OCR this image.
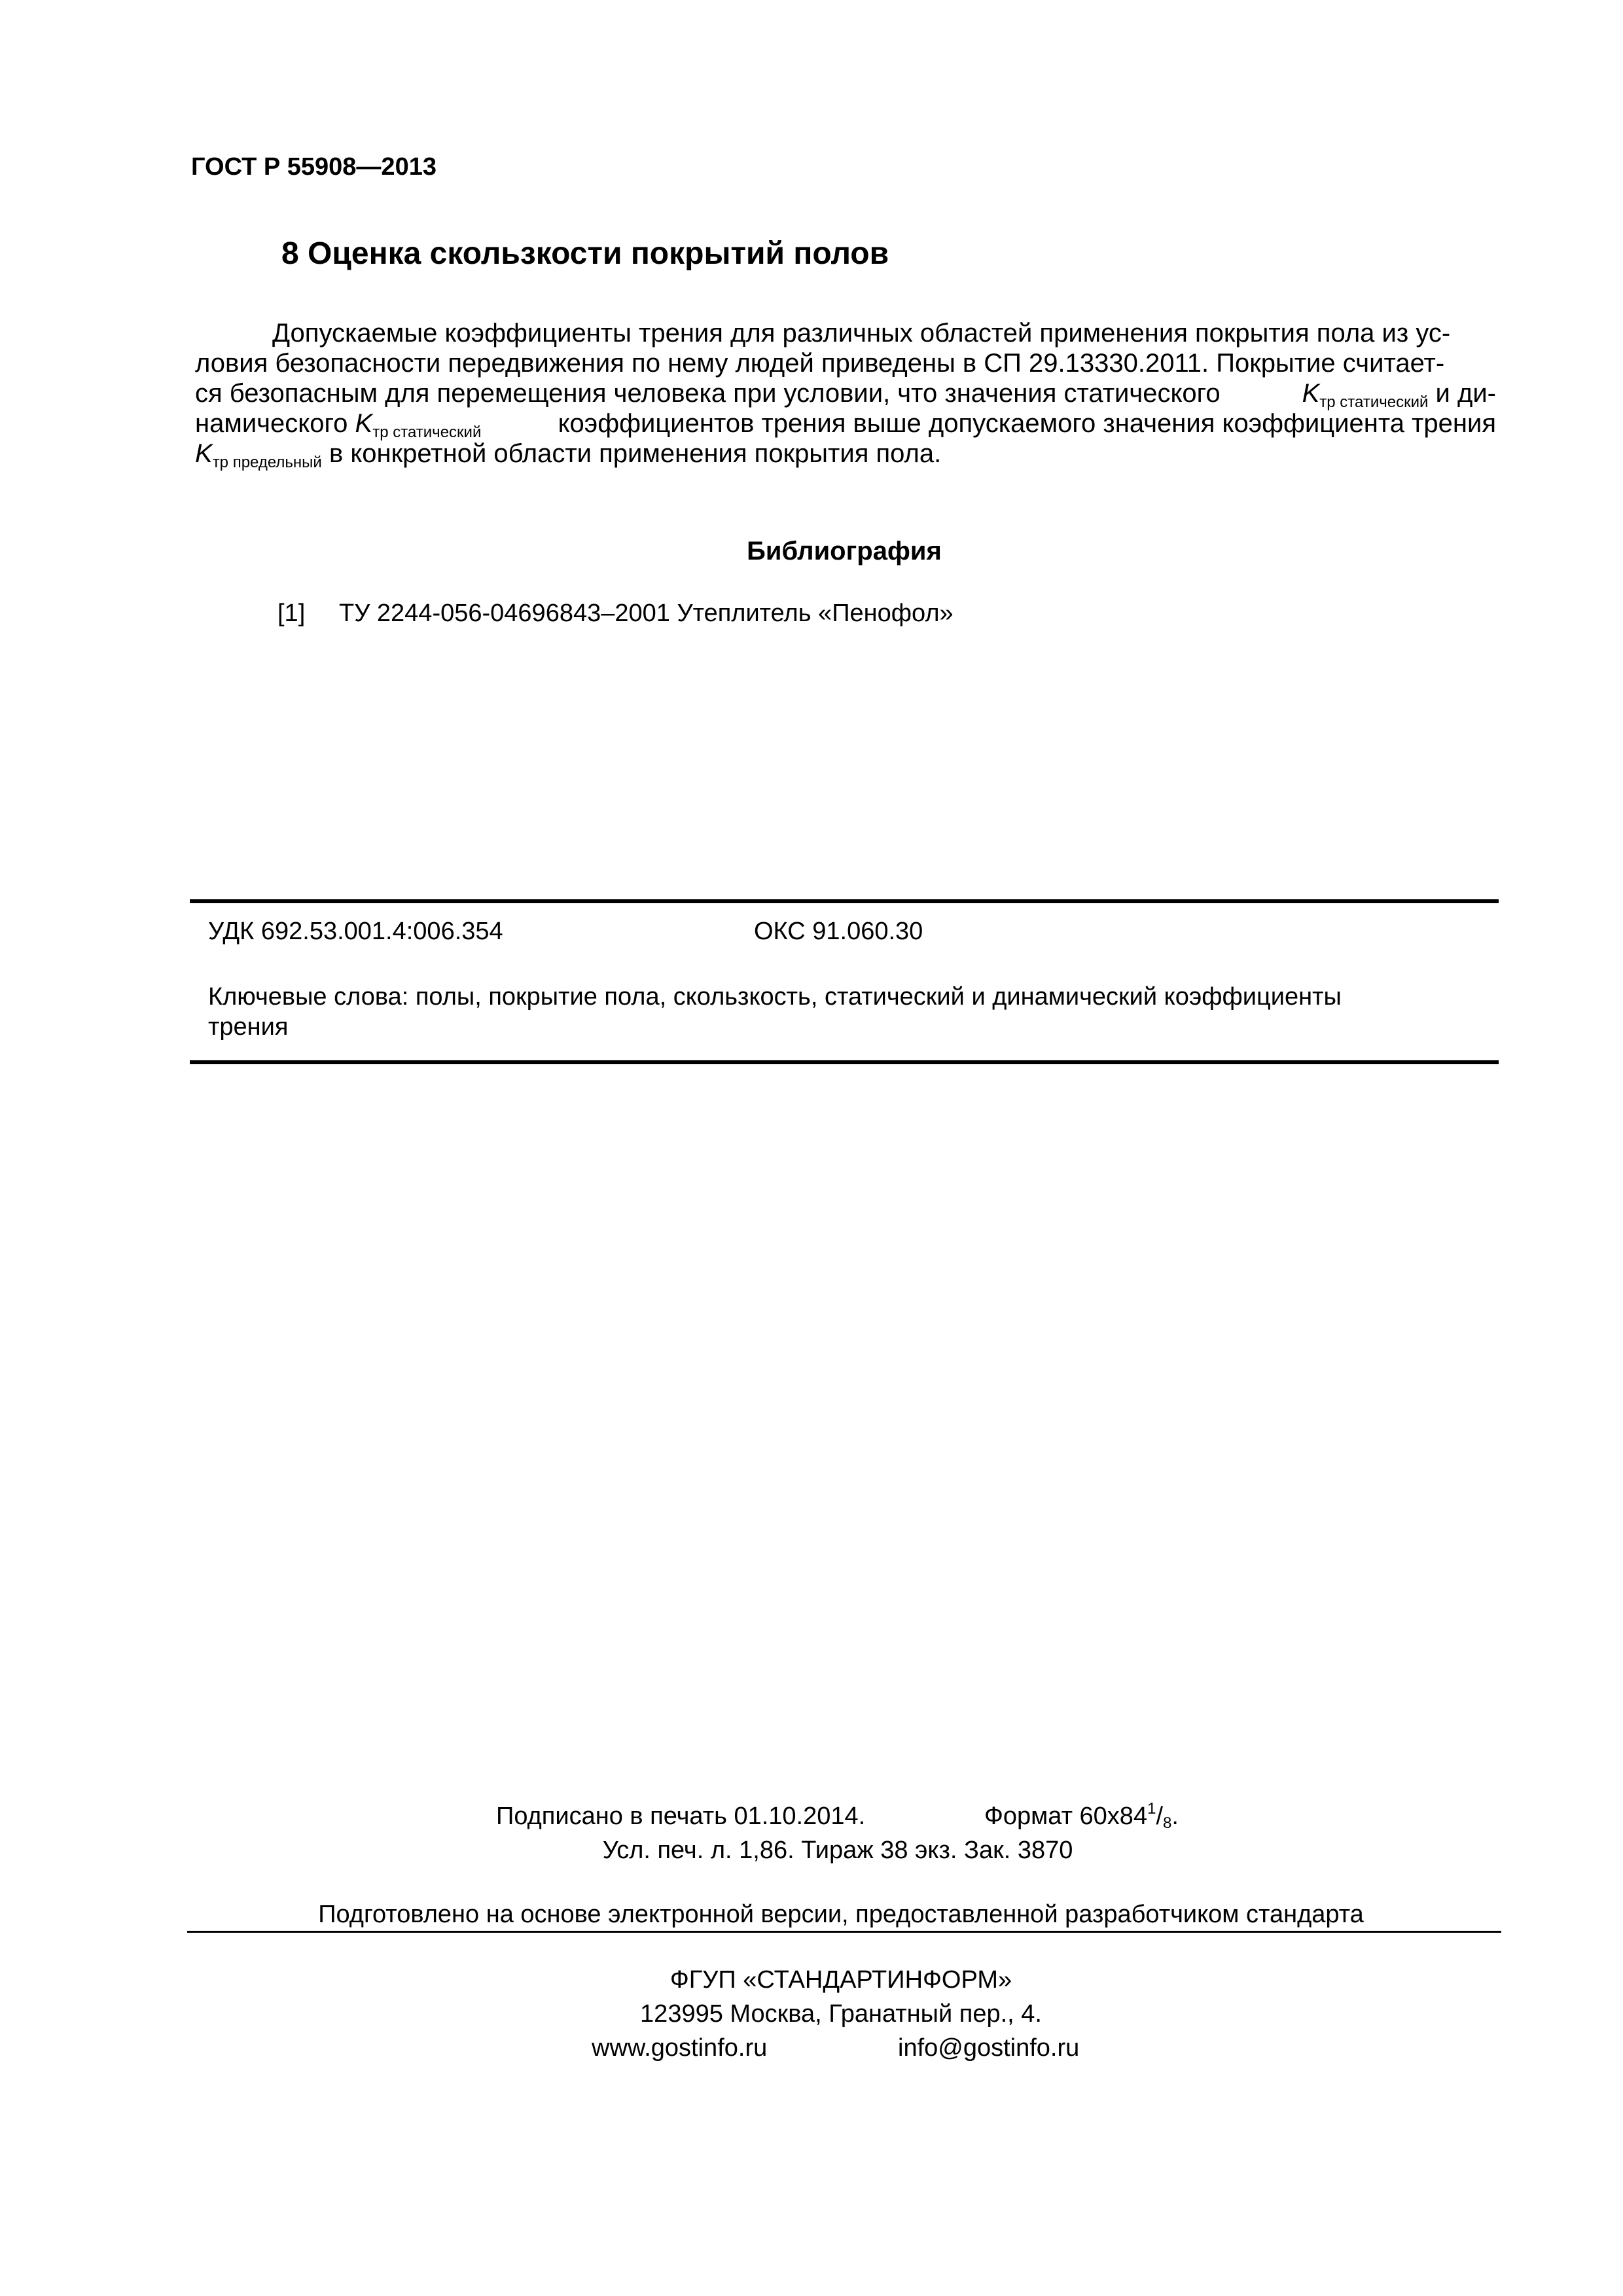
ГОСТ Р 55908—2013
8 Оценка скользкости покрытий полов
Допускаемые коэффициенты трения для различных областей применения покрытия пола из ус-
ловия безопасности передвижения по нему людей приведены в СП 29.13330.2011. Покрытие считает-
ся безопасным для перемещения человека при условии, что значения статического	$K_{тр статический}$ и ди-
намического $K_{тр статический}$	коэффициентов трения выше допускаемого значения коэффициента трения
$K_{тр предельный}$ в конкретной области применения покрытия пола.
Библиография
[1] ТУ 2244-056-04696843–2001 Утеплитель «Пенофол»
УДК 692.53.001.4:006.354	ОКС 91.060.30
Ключевые слова: полы, покрытие пола, скользкость, статический и динамический коэффициенты
трения
Подписано в печать 01.10.2014.	Формат $60x84^1/_8$.
Усл. печ. л. 1,86. Тираж 38 экз. Зак. 3870
Подготовлено на основе электронной версии, предоставленной разработчиком стандарта
ФГУП «СТАНДАРТИНФОРМ»
123995 Москва, Гранатный пер., 4.
www.gostinfo.ru	info@gostinfo.ru
